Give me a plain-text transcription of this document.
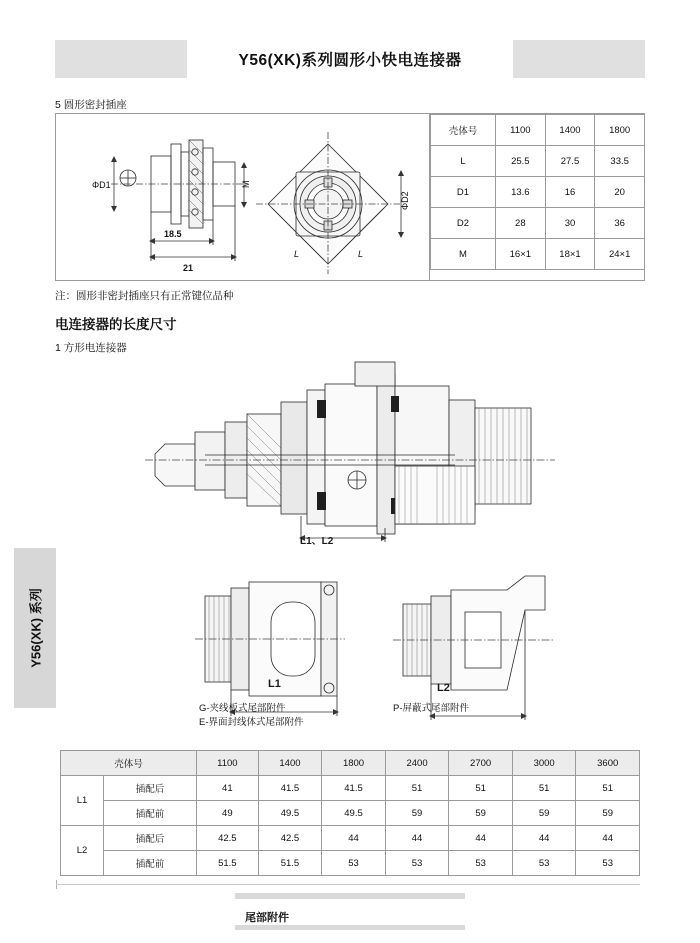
Y56(XK)系列圆形小快电连接器
5 圆形密封插座
ΦD1
ΦD2
M
18.5
21
L	L
壳体号	1100	1400	1800
L	25.5	27.5	33.5
D1	13.6	16	20
D2	28	30	36
M	16×1	18×1	24×1
注：圆形非密封插座只有正常键位品种
电连接器的长度尺寸
1 方形电连接器
Y56(XK) 系列
尾部附件
L1	L2
G-夹线板式尾部附件
E-界面封线体式尾部附件
P-屏蔽式尾部附件
L1、L2
壳体号		1100	1400	1800	2400	2700	3000	3600
L1	插配后	41	41.5	41.5	51	51	51	51
	插配前	49	49.5	49.5	59	59	59	59
L2	插配后	42.5	42.5	44	44	44	44	44
	插配前	51.5	51.5	53	53	53	53	53
